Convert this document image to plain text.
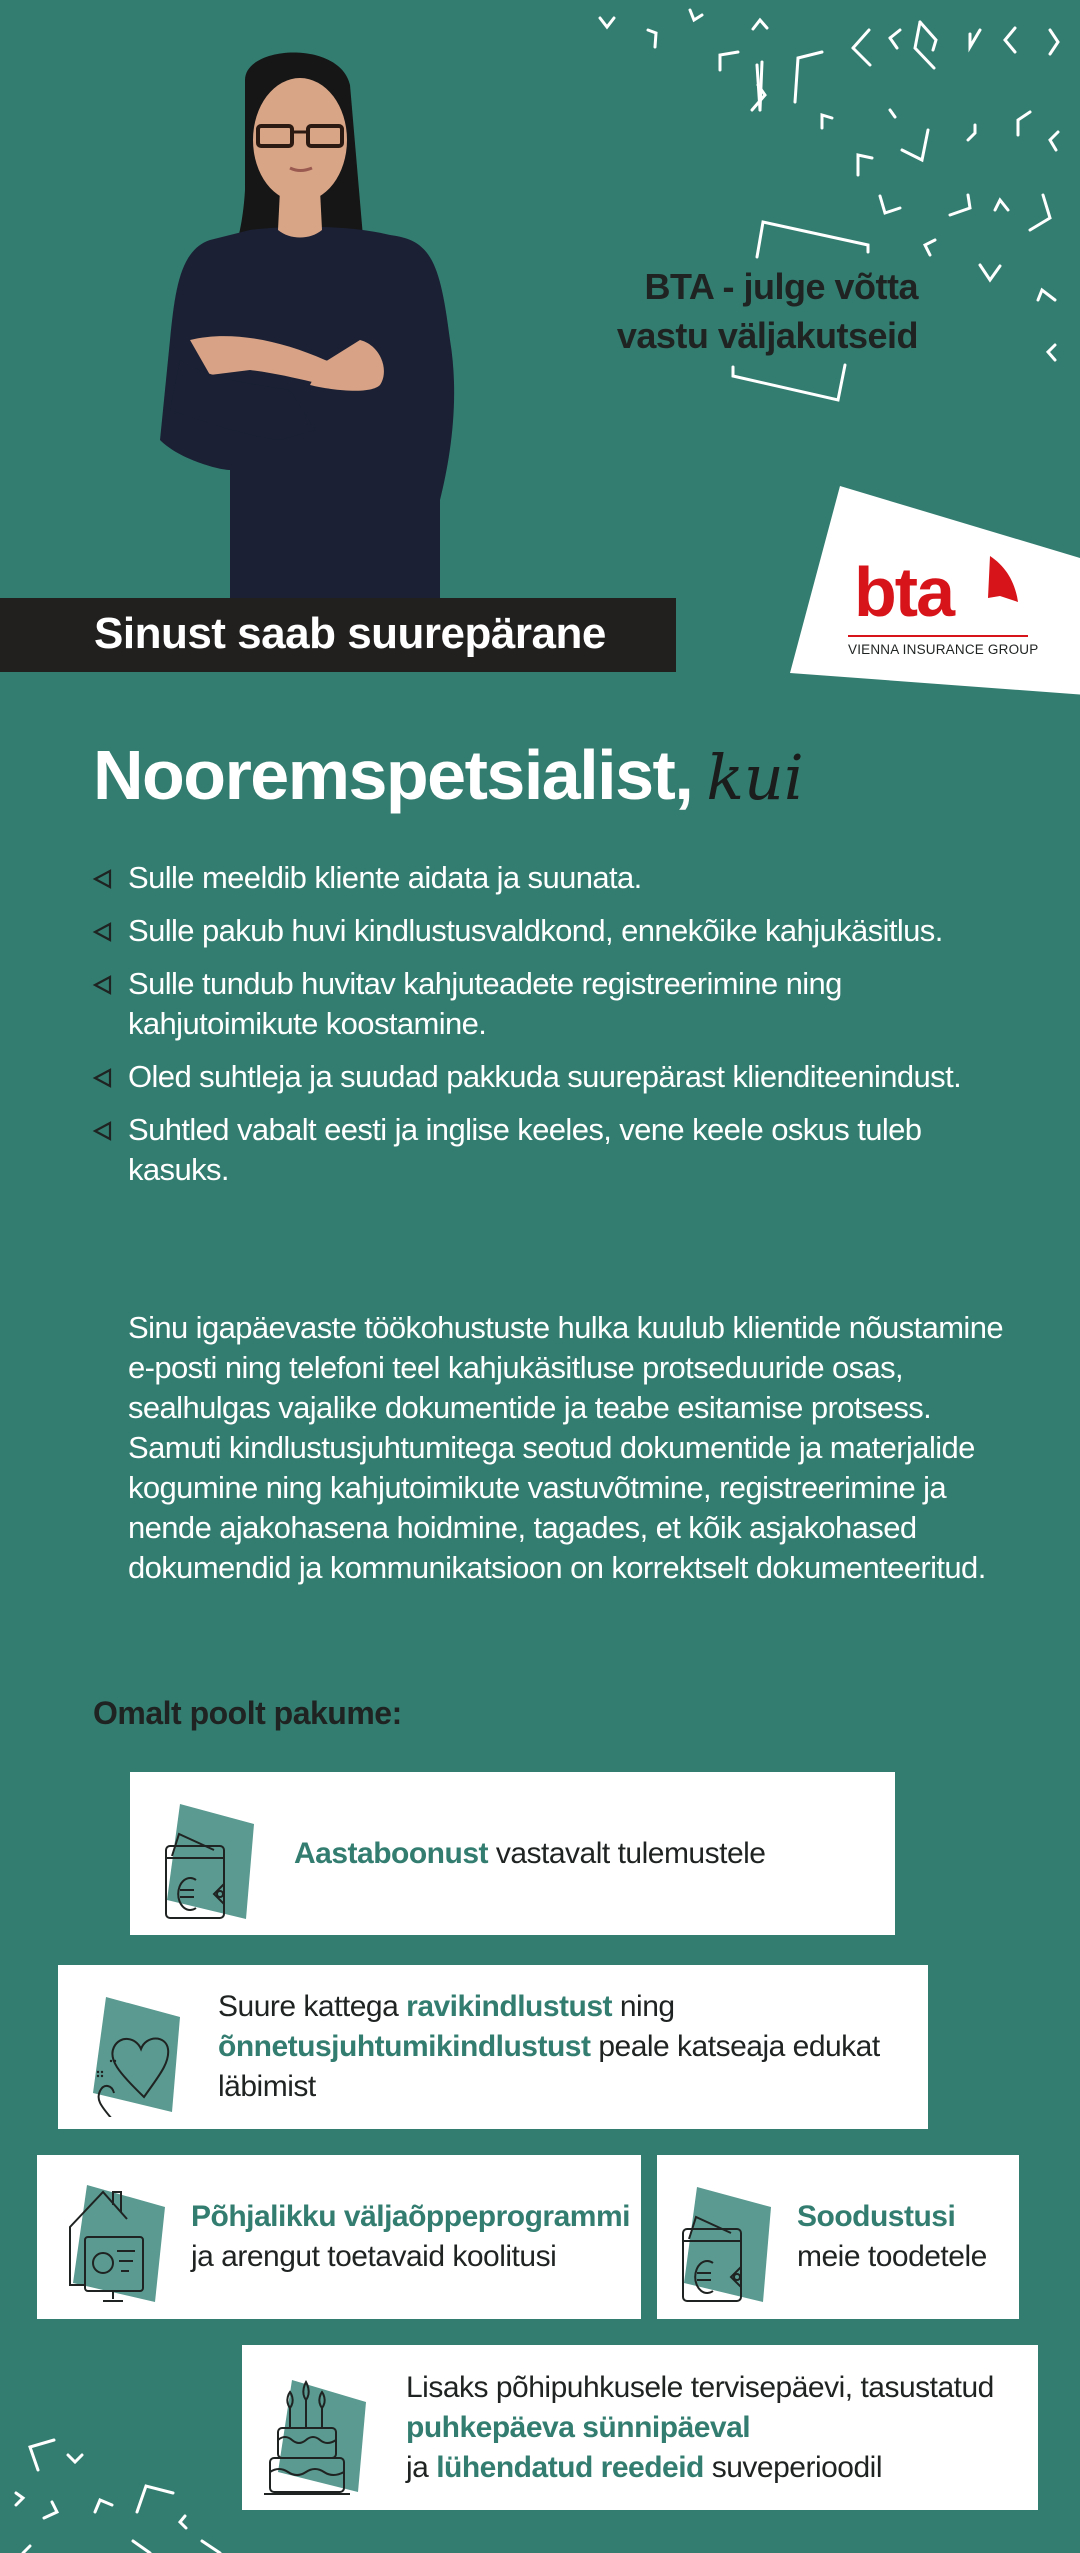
BTA - julge võtta
vastu väljakutseid
bta
VIENNA INSURANCE GROUP
Sinust saab suurepärane
Nooremspetsialist, kui
Sulle meeldib kliente aidata ja suunata.
Sulle pakub huvi kindlustusvaldkond, ennekõike kahjukäsitlus.
Sulle tundub huvitav kahjuteadete registreerimine ning kahjutoimikute koostamine.
Oled suhtleja ja suudad pakkuda suurepärast klienditeenindust.
Suhtled vabalt eesti ja inglise keeles, vene keele oskus tuleb kasuks.
Sinu igapäevaste töökohustuste hulka kuulub klientide nõustamine e-posti ning telefoni teel kahjukäsitluse protseduuride osas, sealhulgas vajalike dokumentide ja teabe esitamise protsess.
Samuti kindlustusjuhtumitega seotud dokumentide ja materjalide kogumine ning kahjutoimikute vastuvõtmine, registreerimine ja nende ajakohasena hoidmine, tagades, et kõik asjakohased dokumendid ja kommunikatsioon on korrektselt dokumenteeritud.
Omalt poolt pakume:
Aastaboonust vastavalt tulemustele
Suure kattega ravikindlustust ning
õnnetusjuhtumikindlustust peale katseaja edukat läbimist
Põhjalikku väljaõppeprogrammi ja arengut toetavaid koolitusi
Soodustusi meie toodetele
Lisaks põhipuhkusele tervisepäevi, tasustatud puhkepäeva sünnipäeval
ja lühendatud reedeid suveperioodil
